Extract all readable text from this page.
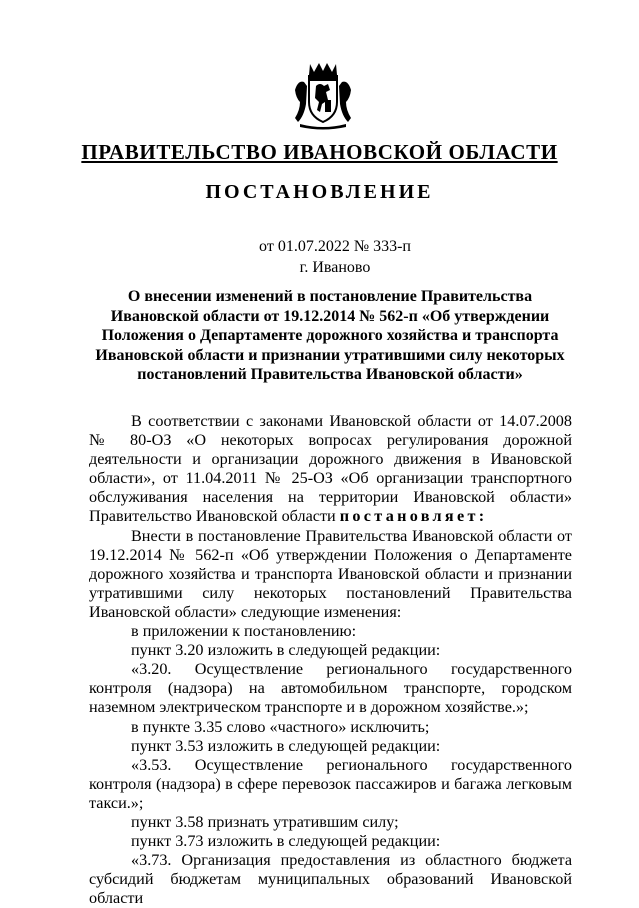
ПРАВИТЕЛЬСТВО ИВАНОВСКОЙ ОБЛАСТИ
ПОСТАНОВЛЕНИЕ
от 01.07.2022 № 333-п
г. Иваново
О внесении изменений в постановление Правительства Ивановской области от 19.12.2014 № 562-п «Об утверждении Положения о Департаменте дорожного хозяйства и транспорта Ивановской области и признании утратившими силу некоторых постановлений Правительства Ивановской области»

В соответствии с законами Ивановской области от 14.07.2008 № 80-ОЗ «О некоторых вопросах регулирования дорожной деятельности и организации дорожного движения в Ивановской области», от 11.04.2011 № 25-ОЗ «Об организации транспортного обслуживания населения на территории Ивановской области» Правительство Ивановской области постановляет:

Внести в постановление Правительства Ивановской области от 19.12.2014 № 562-п «Об утверждении Положения о Департаменте дорожного хозяйства и транспорта Ивановской области и признании утратившими силу некоторых постановлений Правительства Ивановской области» следующие изменения:

в приложении к постановлению:

пункт 3.20 изложить в следующей редакции:

«3.20. Осуществление регионального государственного контроля (надзора) на автомобильном транспорте, городском наземном электрическом транспорте и в дорожном хозяйстве.»;

в пункте 3.35 слово «частного» исключить;

пункт 3.53 изложить в следующей редакции:

«3.53. Осуществление регионального государственного контроля (надзора) в сфере перевозок пассажиров и багажа легковым такси.»;

пункт 3.58 признать утратившим силу;

пункт 3.73 изложить в следующей редакции:

«3.73. Организация предоставления из областного бюджета субсидий бюджетам муниципальных образований Ивановской области
